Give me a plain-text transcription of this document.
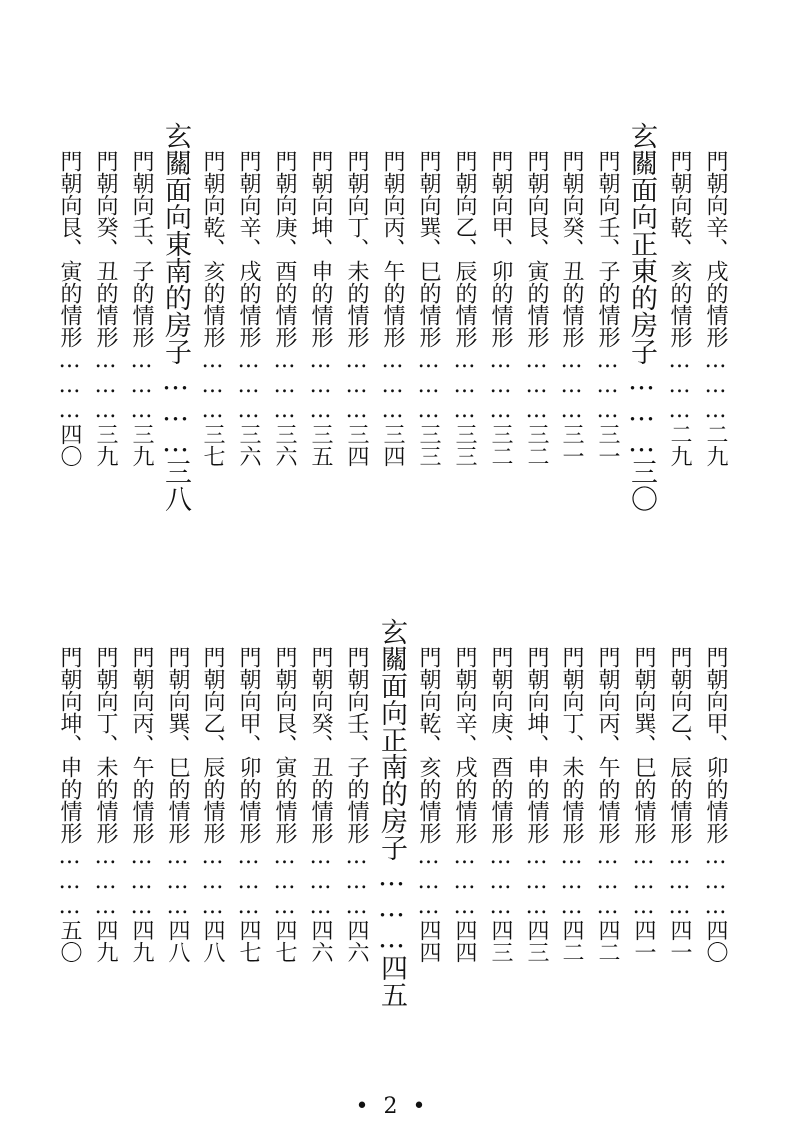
門朝向辛、戌的情形………二九
門朝向乾、亥的情形………二九
玄關面向正東的房子………三〇
門朝向壬、子的情形………三一
門朝向癸、丑的情形………三一
門朝向艮、寅的情形………三二
門朝向甲、卯的情形………三二
門朝向乙、辰的情形………三三
門朝向巽、巳的情形………三三
門朝向丙、午的情形………三四
門朝向丁、未的情形………三四
門朝向坤、申的情形………三五
門朝向庚、酉的情形………三六
門朝向辛、戌的情形………三六
門朝向乾、亥的情形………三七
玄關面向東南的房子………三八
門朝向壬、子的情形………三九
門朝向癸、丑的情形………三九
門朝向艮、寅的情形………四〇
門朝向甲、卯的情形………四〇
門朝向乙、辰的情形………四一
門朝向巽、巳的情形………四一
門朝向丙、午的情形………四二
門朝向丁、未的情形………四二
門朝向坤、申的情形………四三
門朝向庚、酉的情形………四三
門朝向辛、戌的情形………四四
門朝向乾、亥的情形………四四
玄關面向正南的房子………四五
門朝向壬、子的情形………四六
門朝向癸、丑的情形………四六
門朝向艮、寅的情形………四七
門朝向甲、卯的情形………四七
門朝向乙、辰的情形………四八
門朝向巽、巳的情形………四八
門朝向丙、午的情形………四九
門朝向丁、未的情形………四九
門朝向坤、申的情形………五〇
• 2 •
